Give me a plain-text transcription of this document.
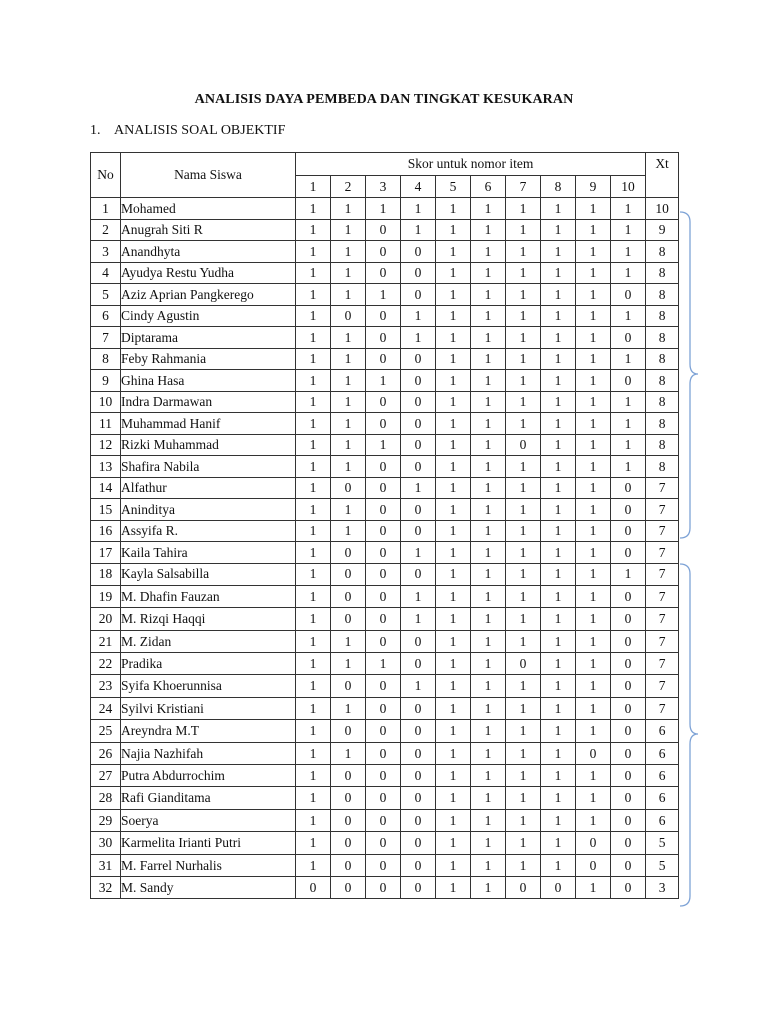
ANALISIS DAYA PEMBEDA DAN TINGKAT KESUKARAN
1. ANALISIS SOAL OBJEKTIF
No	Nama Siswa	Skor untuk nomor item										Xt
		1	2	3	4	5	6	7	8	9	10	
1	Mohamed	1	1	1	1	1	1	1	1	1	1	10
2	Anugrah Siti R	1	1	0	1	1	1	1	1	1	1	9
3	Anandhyta	1	1	0	0	1	1	1	1	1	1	8
4	Ayudya Restu Yudha	1	1	0	0	1	1	1	1	1	1	8
5	Aziz Aprian Pangkerego	1	1	1	0	1	1	1	1	1	0	8
6	Cindy Agustin	1	0	0	1	1	1	1	1	1	1	8
7	Diptarama	1	1	0	1	1	1	1	1	1	0	8
8	Feby Rahmania	1	1	0	0	1	1	1	1	1	1	8
9	Ghina Hasa	1	1	1	0	1	1	1	1	1	0	8
10	Indra Darmawan	1	1	0	0	1	1	1	1	1	1	8
11	Muhammad Hanif	1	1	0	0	1	1	1	1	1	1	8
12	Rizki Muhammad	1	1	1	0	1	1	0	1	1	1	8
13	Shafira Nabila	1	1	0	0	1	1	1	1	1	1	8
14	Alfathur	1	0	0	1	1	1	1	1	1	0	7
15	Aninditya	1	1	0	0	1	1	1	1	1	0	7
16	Assyifa R.	1	1	0	0	1	1	1	1	1	0	7
17	Kaila Tahira	1	0	0	1	1	1	1	1	1	0	7
18	Kayla Salsabilla	1	0	0	0	1	1	1	1	1	1	7
19	M. Dhafin Fauzan	1	0	0	1	1	1	1	1	1	0	7
20	M. Rizqi Haqqi	1	0	0	1	1	1	1	1	1	0	7
21	M. Zidan	1	1	0	0	1	1	1	1	1	0	7
22	Pradika	1	1	1	0	1	1	0	1	1	0	7
23	Syifa Khoerunnisa	1	0	0	1	1	1	1	1	1	0	7
24	Syilvi Kristiani	1	1	0	0	1	1	1	1	1	0	7
25	Areyndra M.T	1	0	0	0	1	1	1	1	1	0	6
26	Najia Nazhifah	1	1	0	0	1	1	1	1	0	0	6
27	Putra Abdurrochim	1	0	0	0	1	1	1	1	1	0	6
28	Rafi Gianditama	1	0	0	0	1	1	1	1	1	0	6
29	Soerya	1	0	0	0	1	1	1	1	1	0	6
30	Karmelita Irianti Putri	1	0	0	0	1	1	1	1	0	0	5
31	M. Farrel Nurhalis	1	0	0	0	1	1	1	1	0	0	5
32	M. Sandy	0	0	0	0	1	1	0	0	1	0	3
